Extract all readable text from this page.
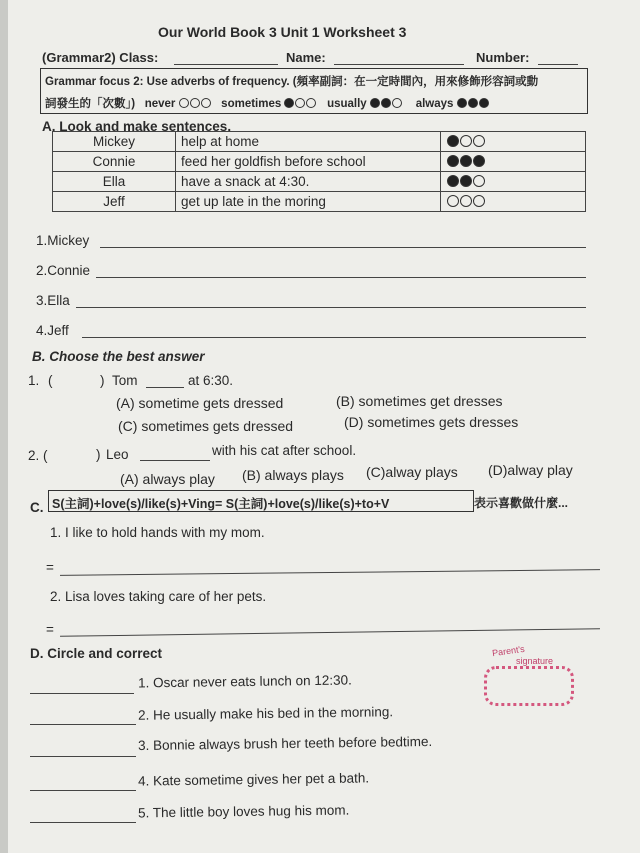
Our World Book 3 Unit 1 Worksheet 3
(Grammar2) Class:	Name:	Number:
Grammar focus 2: Use adverbs of frequency. (頻率副詞：在一定時間內，用來修飾形容詞或動
詞發生的「次數」) never	sometimes	usually	always
A. Look and make sentences.
Mickey	help at home	
Connie	feed her goldfish before school	
Ella	have a snack at 4:30.	
Jeff	get up late in the moring	
1.Mickey
2.Connie
3.Ella
4.Jeff
B. Choose the best answer
1. (	) Tom	at 6:30.
(A) sometime gets dressed	(B) sometimes get dresses
(C) sometimes gets dressed	(D) sometimes gets dresses
2. (	) Leo	with his cat after school.
(A) always play (B) always plays (C)alway plays (D)alway play
C. S(主詞)+love(s)/like(s)+Ving= S(主詞)+love(s)/like(s)+to+V	表示喜歡做什麼...
1. I like to hold hands with my mom.
=
2. Lisa loves taking care of her pets.
=
D. Circle and correct
1. Oscar never eats lunch on 12:30.
2. He usually make his bed in the morning.
3. Bonnie always brush her teeth before bedtime.
4. Kate sometime gives her pet a bath.
5. The little boy loves hug his mom.
Parent's
signature
